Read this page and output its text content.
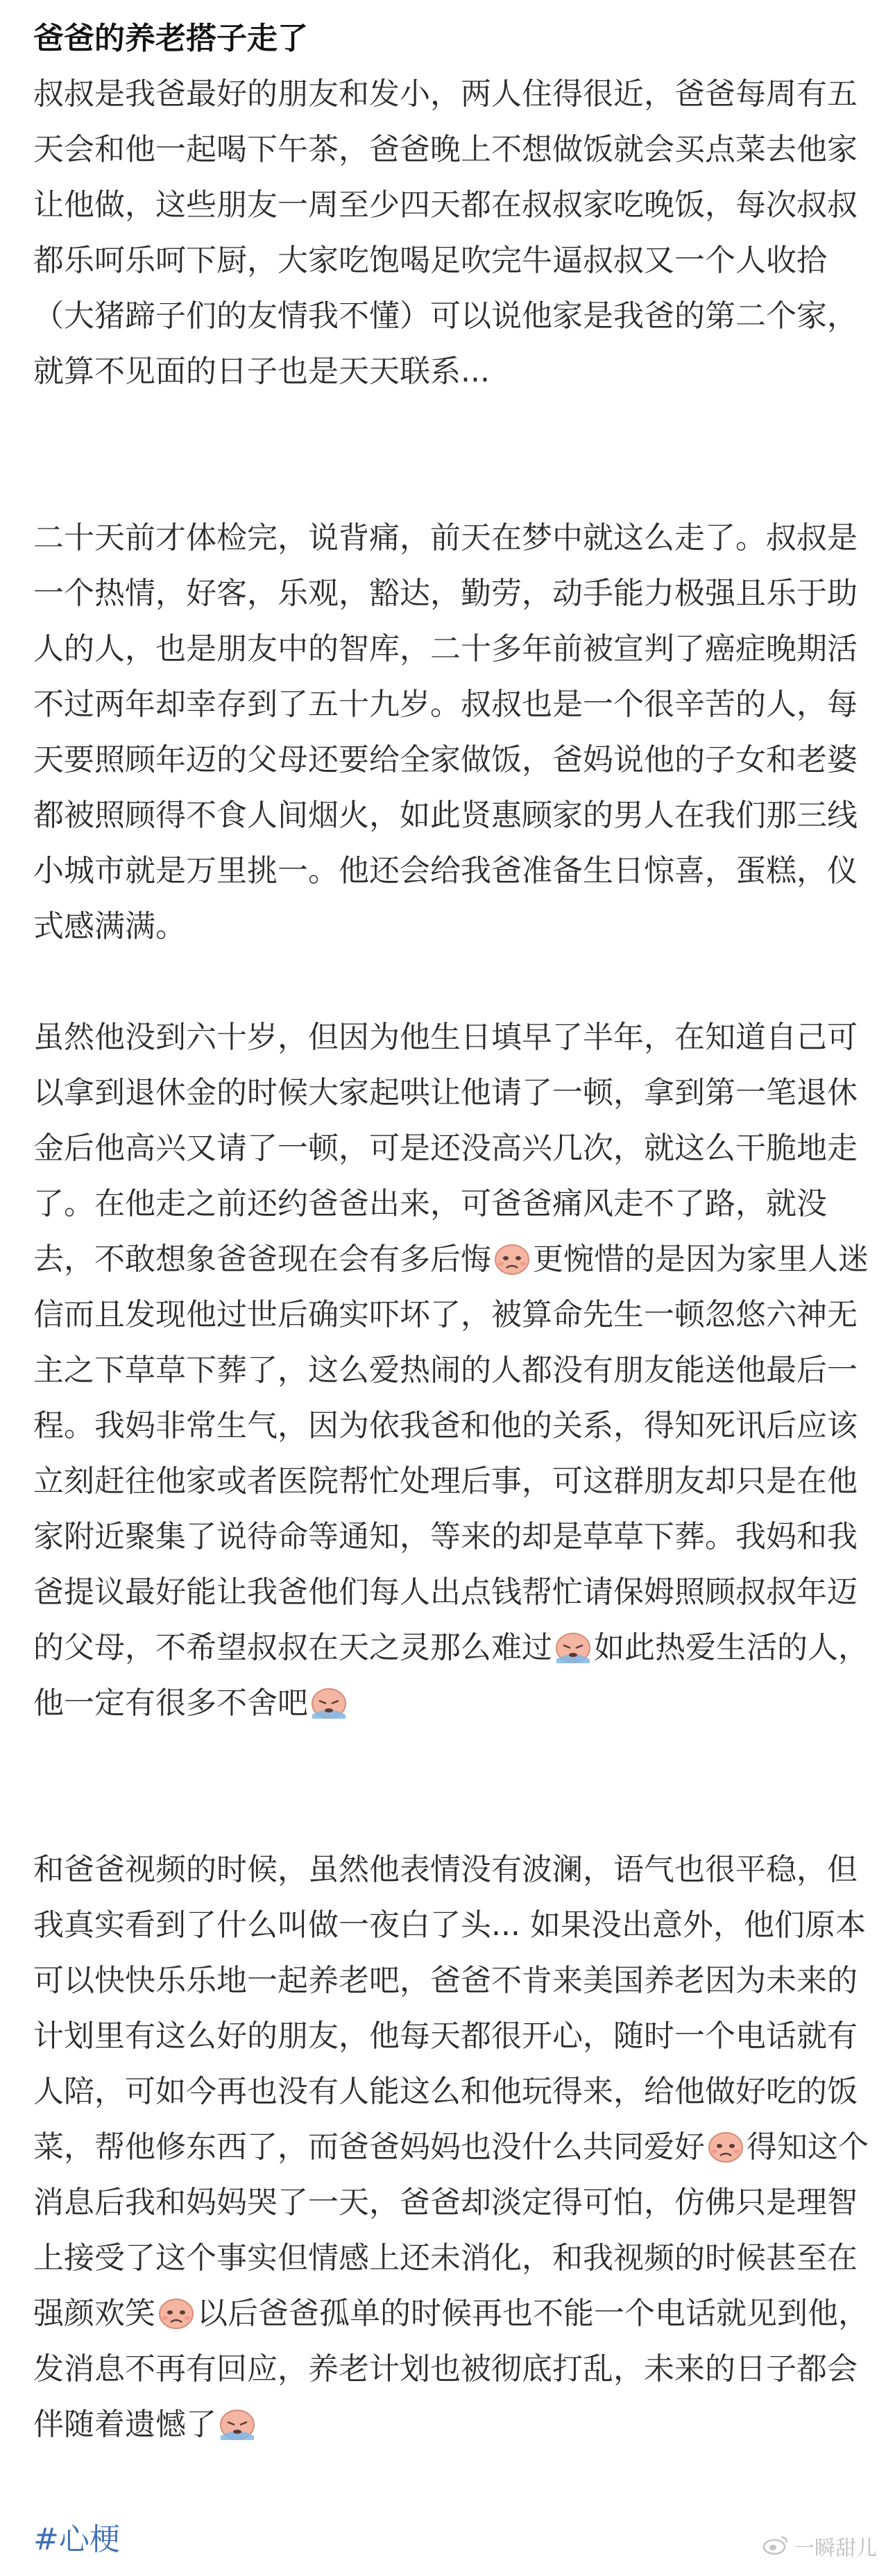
爸爸的养老搭子走了

叔叔是我爸最好的朋友和发小，两人住得很近，爸爸每周有五天会和他一起喝下午茶，爸爸晚上不想做饭就会买点菜去他家让他做，这些朋友一周至少四天都在叔叔家吃晚饭，每次叔叔都乐呵乐呵下厨，大家吃饱喝足吹完牛逼叔叔又一个人收拾（大猪蹄子们的友情我不懂）可以说他家是我爸的第二个家，就算不见面的日子也是天天联系...

二十天前才体检完，说背痛，前天在梦中就这么走了。叔叔是一个热情，好客，乐观，豁达，勤劳，动手能力极强且乐于助人的人，也是朋友中的智库，二十多年前被宣判了癌症晚期活不过两年却幸存到了五十九岁。叔叔也是一个很辛苦的人，每天要照顾年迈的父母还要给全家做饭，爸妈说他的子女和老婆都被照顾得不食人间烟火，如此贤惠顾家的男人在我们那三线小城市就是万里挑一。他还会给我爸准备生日惊喜，蛋糕，仪式感满满。

虽然他没到六十岁，但因为他生日填早了半年，在知道自己可以拿到退休金的时候大家起哄让他请了一顿，拿到第一笔退休金后他高兴又请了一顿，可是还没高兴几次，就这么干脆地走了。在他走之前还约爸爸出来，可爸爸痛风走不了路，就没去，不敢想象爸爸现在会有多后悔 更惋惜的是因为家里人迷信而且发现他过世后确实吓坏了，被算命先生一顿忽悠六神无主之下草草下葬了，这么爱热闹的人都没有朋友能送他最后一程。我妈非常生气，因为依我爸和他的关系，得知死讯后应该立刻赶往他家或者医院帮忙处理后事，可这群朋友却只是在他家附近聚集了说待命等通知，等来的却是草草下葬。我妈和我爸提议最好能让我爸他们每人出点钱帮忙请保姆照顾叔叔年迈的父母，不希望叔叔在天之灵那么难过 如此热爱生活的人，他一定有很多不舍吧

和爸爸视频的时候，虽然他表情没有波澜，语气也很平稳，但我真实看到了什么叫做一夜白了头... 如果没出意外，他们原本可以快快乐乐地一起养老吧，爸爸不肯来美国养老因为未来的计划里有这么好的朋友，他每天都很开心，随时一个电话就有人陪，可如今再也没有人能这么和他玩得来，给他做好吃的饭菜，帮他修东西了，而爸爸妈妈也没什么共同爱好 得知这个消息后我和妈妈哭了一天，爸爸却淡定得可怕，仿佛只是理智上接受了这个事实但情感上还未消化，和我视频的时候甚至在强颜欢笑 以后爸爸孤单的时候再也不能一个电话就见到他，发消息不再有回应，养老计划也被彻底打乱，未来的日子都会伴随着遗憾了

#心梗	一瞬甜儿
